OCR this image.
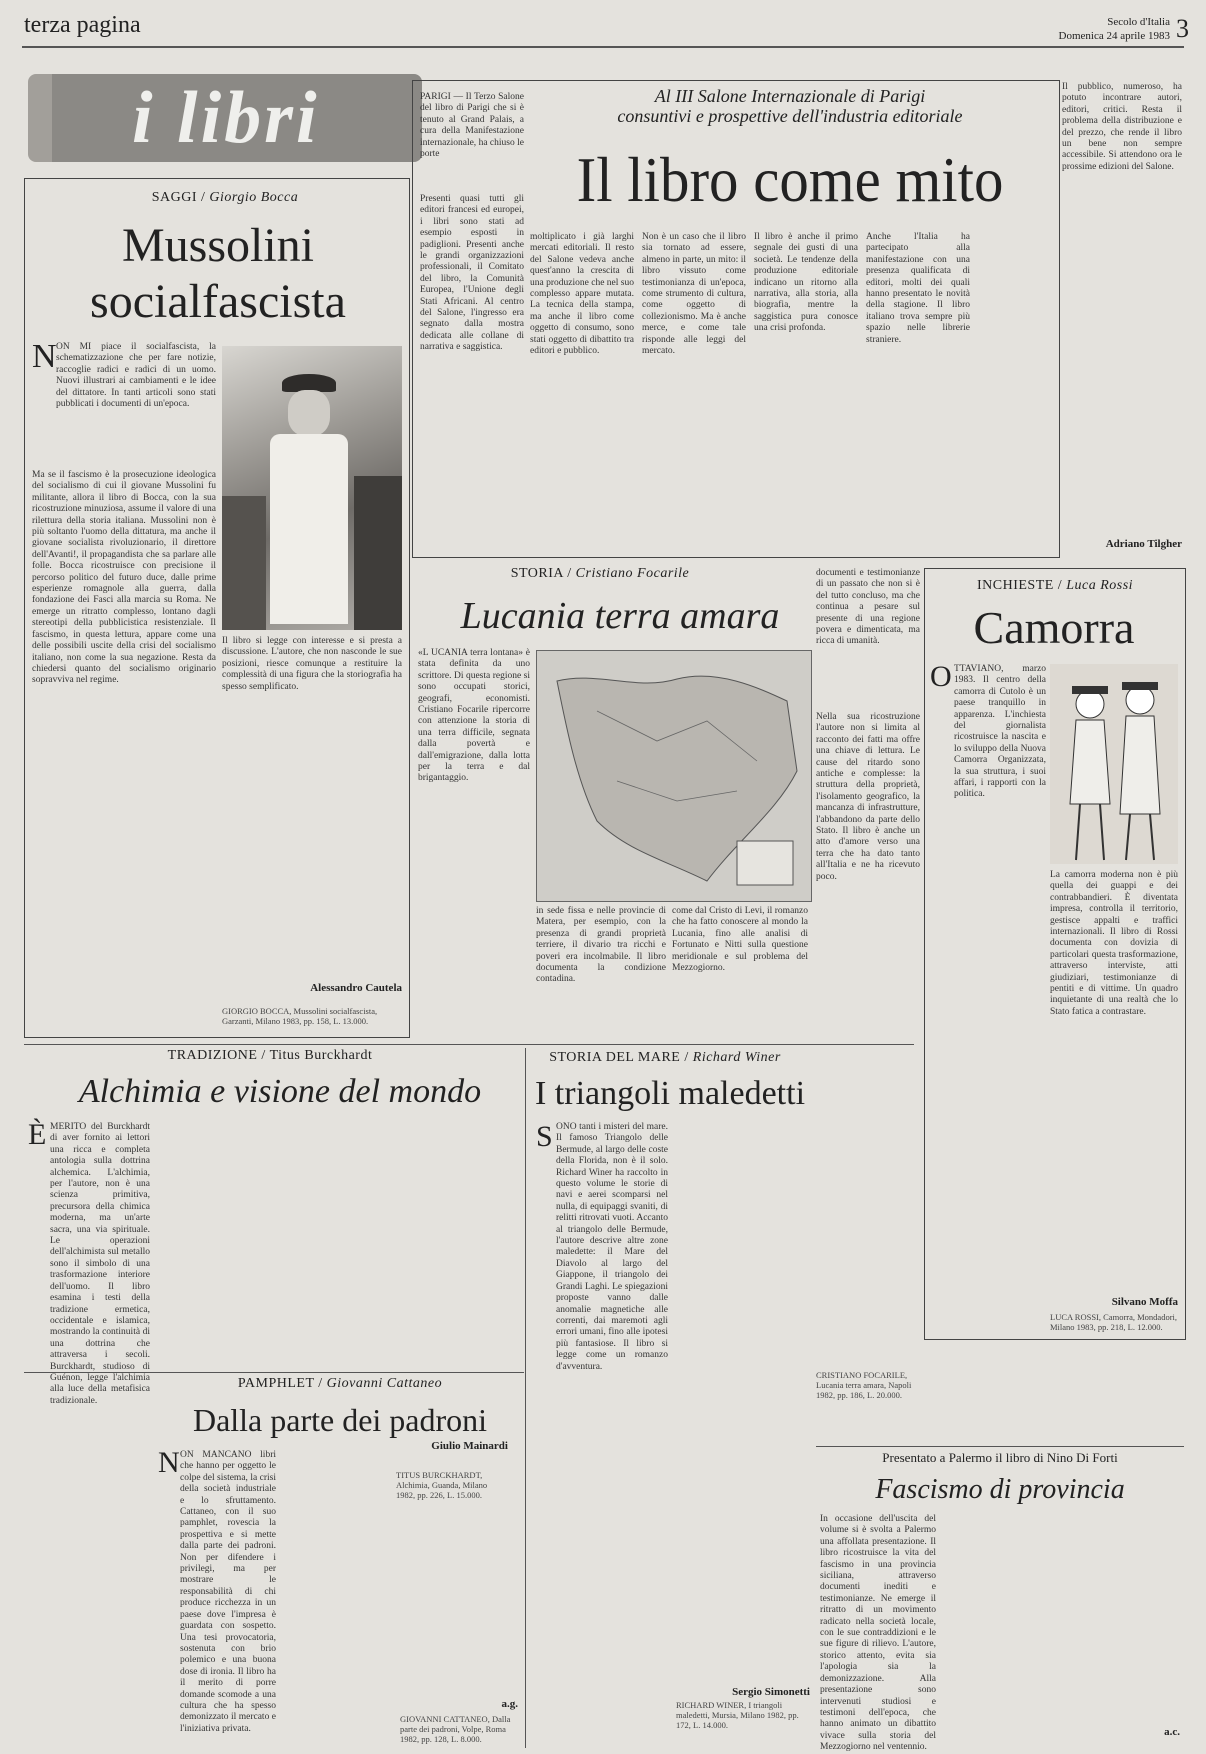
terza pagina	Secolo d'Italia
Domenica 24 aprile 1983 3
i libri
SAGGI / Giorgio Bocca
Mussolini
socialfascista
N ON MI piace il socialfascista, la schematizzazione che per fare notizie, raccoglie radici e radici di un uomo. Nuovi illustrari ai cambiamenti e le idee del dittatore. In tanti articoli sono stati pubblicati i documenti di un'epoca.
Ma se il fascismo è la prosecuzione ideologica del socialismo di cui il giovane Mussolini fu militante, allora il libro di Bocca, con la sua ricostruzione minuziosa, assume il valore di una rilettura della storia italiana. Mussolini non è più soltanto l'uomo della dittatura, ma anche il giovane socialista rivoluzionario, il direttore dell'Avanti!, il propagandista che sa parlare alle folle. Bocca ricostruisce con precisione il percorso politico del futuro duce, dalle prime esperienze romagnole alla guerra, dalla fondazione dei Fasci alla marcia su Roma. Ne emerge un ritratto complesso, lontano dagli stereotipi della pubblicistica resistenziale. Il fascismo, in questa lettura, appare come una delle possibili uscite della crisi del socialismo italiano, non come la sua negazione. Resta da chiedersi quanto del socialismo originario sopravviva nel regime.
Il libro si legge con interesse e si presta a discussione. L'autore, che non nasconde le sue posizioni, riesce comunque a restituire la complessità di una figura che la storiografia ha spesso semplificato.
Alessandro Cautela
GIORGIO BOCCA, Mussolini socialfascista, Garzanti, Milano 1983, pp. 158, L. 13.000.
PARIGI — Il Terzo Salone del libro di Parigi che si è tenuto al Grand Palais, a cura della Manifestazione internazionale, ha chiuso le porte
Al III Salone Internazionale di Parigi
consuntivi e prospettive dell'industria editoriale
Il libro come mito
Presenti quasi tutti gli editori francesi ed europei, i libri sono stati ad esempio esposti in padiglioni. Presenti anche le grandi organizzazioni professionali, il Comitato del libro, la Comunità Europea, l'Unione degli Stati Africani. Al centro del Salone, l'ingresso era segnato dalla mostra dedicata alle collane di narrativa e saggistica.
moltiplicato i già larghi mercati editoriali. Il resto del Salone vedeva anche quest'anno la crescita di una produzione che nel suo complesso appare mutata. La tecnica della stampa, ma anche il libro come oggetto di consumo, sono stati oggetto di dibattito tra editori e pubblico.
Non è un caso che il libro sia tornato ad essere, almeno in parte, un mito: il libro vissuto come testimonianza di un'epoca, come strumento di cultura, come oggetto di collezionismo. Ma è anche merce, e come tale risponde alle leggi del mercato.
Il libro è anche il primo segnale dei gusti di una società. Le tendenze della produzione editoriale indicano un ritorno alla narrativa, alla storia, alla biografia, mentre la saggistica pura conosce una crisi profonda.
Anche l'Italia ha partecipato alla manifestazione con una presenza qualificata di editori, molti dei quali hanno presentato le novità della stagione. Il libro italiano trova sempre più spazio nelle librerie straniere.
Il pubblico, numeroso, ha potuto incontrare autori, editori, critici. Resta il problema della distribuzione e del prezzo, che rende il libro un bene non sempre accessibile. Si attendono ora le prossime edizioni del Salone.
Adriano Tilgher
STORIA / Cristiano Focarile
Lucania terra amara
«L UCANIA terra lontana» è stata definita da uno scrittore. Di questa regione si sono occupati storici, geografi, economisti. Cristiano Focarile ripercorre con attenzione la storia di una terra difficile, segnata dalla povertà e dall'emigrazione, dalla lotta per la terra e dal brigantaggio.
in sede fissa e nelle provincie di Matera, per esempio, con la presenza di grandi proprietà terriere, il divario tra ricchi e poveri era incolmabile. Il libro documenta la condizione contadina.
come dal Cristo di Levi, il romanzo che ha fatto conoscere al mondo la Lucania, fino alle analisi di Fortunato e Nitti sulla questione meridionale e sul problema del Mezzogiorno.
documenti e testimonianze di un passato che non si è del tutto concluso, ma che continua a pesare sul presente di una regione povera e dimenticata, ma ricca di umanità.
Nella sua ricostruzione l'autore non si limita al racconto dei fatti ma offre una chiave di lettura. Le cause del ritardo sono antiche e complesse: la struttura della proprietà, l'isolamento geografico, la mancanza di infrastrutture, l'abbandono da parte dello Stato. Il libro è anche un atto d'amore verso una terra che ha dato tanto all'Italia e ne ha ricevuto poco.
CRISTIANO FOCARILE, Lucania terra amara, Napoli 1982, pp. 186, L. 20.000.
INCHIESTE / Luca Rossi
Camorra
O TTAVIANO, marzo 1983. Il centro della camorra di Cutolo è un paese tranquillo in apparenza. L'inchiesta del giornalista ricostruisce la nascita e lo sviluppo della Nuova Camorra Organizzata, la sua struttura, i suoi affari, i rapporti con la politica.
La camorra moderna non è più quella dei guappi e dei contrabbandieri. È diventata impresa, controlla il territorio, gestisce appalti e traffici internazionali. Il libro di Rossi documenta con dovizia di particolari questa trasformazione, attraverso interviste, atti giudiziari, testimonianze di pentiti e di vittime. Un quadro inquietante di una realtà che lo Stato fatica a contrastare.
Silvano Moffa
LUCA ROSSI, Camorra, Mondadori, Milano 1983, pp. 218, L. 12.000.
TRADIZIONE / Titus Burckhardt
Alchimia e visione del mondo
È MERITO del Burckhardt di aver fornito ai lettori una ricca e completa antologia sulla dottrina alchemica. L'alchimia, per l'autore, non è una scienza primitiva, precursora della chimica moderna, ma un'arte sacra, una via spirituale. Le operazioni dell'alchimista sul metallo sono il simbolo di una trasformazione interiore dell'uomo. Il libro esamina i testi della tradizione ermetica, occidentale e islamica, mostrando la continuità di una dottrina che attraversa i secoli. Burckhardt, studioso di Guénon, legge l'alchimia alla luce della metafisica tradizionale.
Giulio Mainardi
TITUS BURCKHARDT, Alchimia, Guanda, Milano 1982, pp. 226, L. 15.000.
STORIA DEL MARE / Richard Winer
I triangoli maledetti
S ONO tanti i misteri del mare. Il famoso Triangolo delle Bermude, al largo delle coste della Florida, non è il solo. Richard Winer ha raccolto in questo volume le storie di navi e aerei scomparsi nel nulla, di equipaggi svaniti, di relitti ritrovati vuoti. Accanto al triangolo delle Bermude, l'autore descrive altre zone maledette: il Mare del Diavolo al largo del Giappone, il triangolo dei Grandi Laghi. Le spiegazioni proposte vanno dalle anomalie magnetiche alle correnti, dai maremoti agli errori umani, fino alle ipotesi più fantasiose. Il libro si legge come un romanzo d'avventura.
Sergio Simonetti
RICHARD WINER, I triangoli maledetti, Mursia, Milano 1982, pp. 172, L. 14.000.
PAMPHLET / Giovanni Cattaneo
Dalla parte dei padroni
N ON MANCANO libri che hanno per oggetto le colpe del sistema, la crisi della società industriale e lo sfruttamento. Cattaneo, con il suo pamphlet, rovescia la prospettiva e si mette dalla parte dei padroni. Non per difendere i privilegi, ma per mostrare le responsabilità di chi produce ricchezza in un paese dove l'impresa è guardata con sospetto. Una tesi provocatoria, sostenuta con brio polemico e una buona dose di ironia. Il libro ha il merito di porre domande scomode a una cultura che ha spesso demonizzato il mercato e l'iniziativa privata.
a.g.
GIOVANNI CATTANEO, Dalla parte dei padroni, Volpe, Roma 1982, pp. 128, L. 8.000.
Presentato a Palermo il libro di Nino Di Forti
Fascismo di provincia
In occasione dell'uscita del volume si è svolta a Palermo una affollata presentazione. Il libro ricostruisce la vita del fascismo in una provincia siciliana, attraverso documenti inediti e testimonianze. Ne emerge il ritratto di un movimento radicato nella società locale, con le sue contraddizioni e le sue figure di rilievo. L'autore, storico attento, evita sia l'apologia sia la demonizzazione. Alla presentazione sono intervenuti studiosi e testimoni dell'epoca, che hanno animato un dibattito vivace sulla storia del Mezzogiorno nel ventennio.
a.c.
